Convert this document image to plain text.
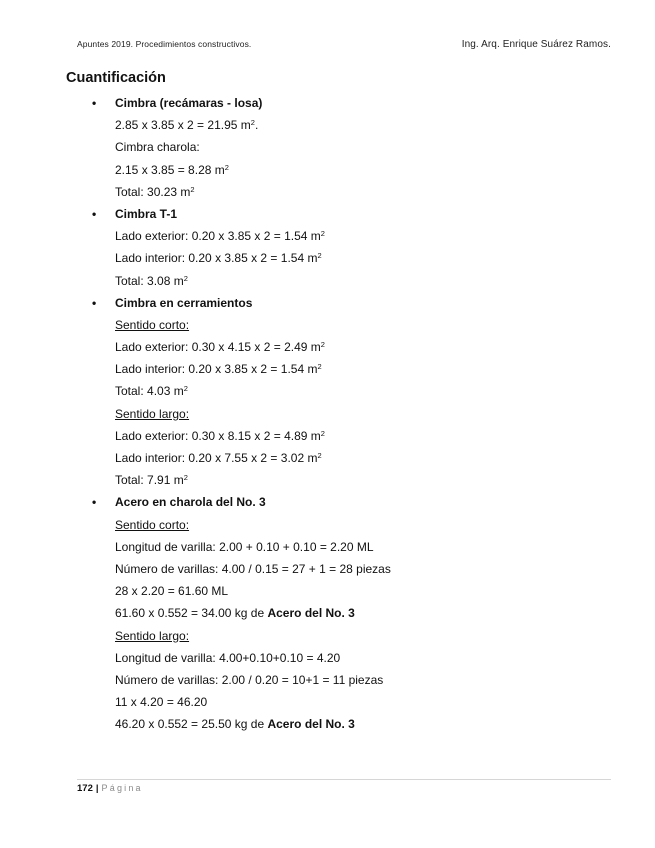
Apuntes 2019. Procedimientos constructivos.	Ing. Arq. Enrique Suárez Ramos.
Cuantificación
• Cimbra (recámaras - losa)
2.85 x 3.85 x 2 = 21.95 $m^2$.
Cimbra charola:
2.15 x 3.85 = 8.28 $m^2$
Total: 30.23 $m^2$
• Cimbra T-1
Lado exterior: 0.20 x 3.85 x 2 = 1.54 $m^2$
Lado interior: 0.20 x 3.85 x 2 = 1.54 $m^2$
Total: 3.08 $m^2$
• Cimbra en cerramientos
Sentido corto:
Lado exterior: 0.30 x 4.15 x 2 = 2.49 $m^2$
Lado interior: 0.20 x 3.85 x 2 = 1.54 $m^2$
Total: 4.03 $m^2$
Sentido largo:
Lado exterior: 0.30 x 8.15 x 2 = 4.89 $m^2$
Lado interior: 0.20 x 7.55 x 2 = 3.02 $m^2$
Total: 7.91 $m^2$
• Acero en charola del No. 3
Sentido corto:
Longitud de varilla: 2.00 + 0.10 + 0.10 = 2.20 ML
Número de varillas: 4.00 / 0.15 = 27 + 1 = 28 piezas
28 x 2.20 = 61.60 ML
61.60 x 0.552 = 34.00 kg de Acero del No. 3
Sentido largo:
Longitud de varilla: 4.00+0.10+0.10 = 4.20
Número de varillas: 2.00 / 0.20 = 10+1 = 11 piezas
11 x 4.20 = 46.20
46.20 x 0.552 = 25.50 kg de Acero del No. 3
172 | Página
